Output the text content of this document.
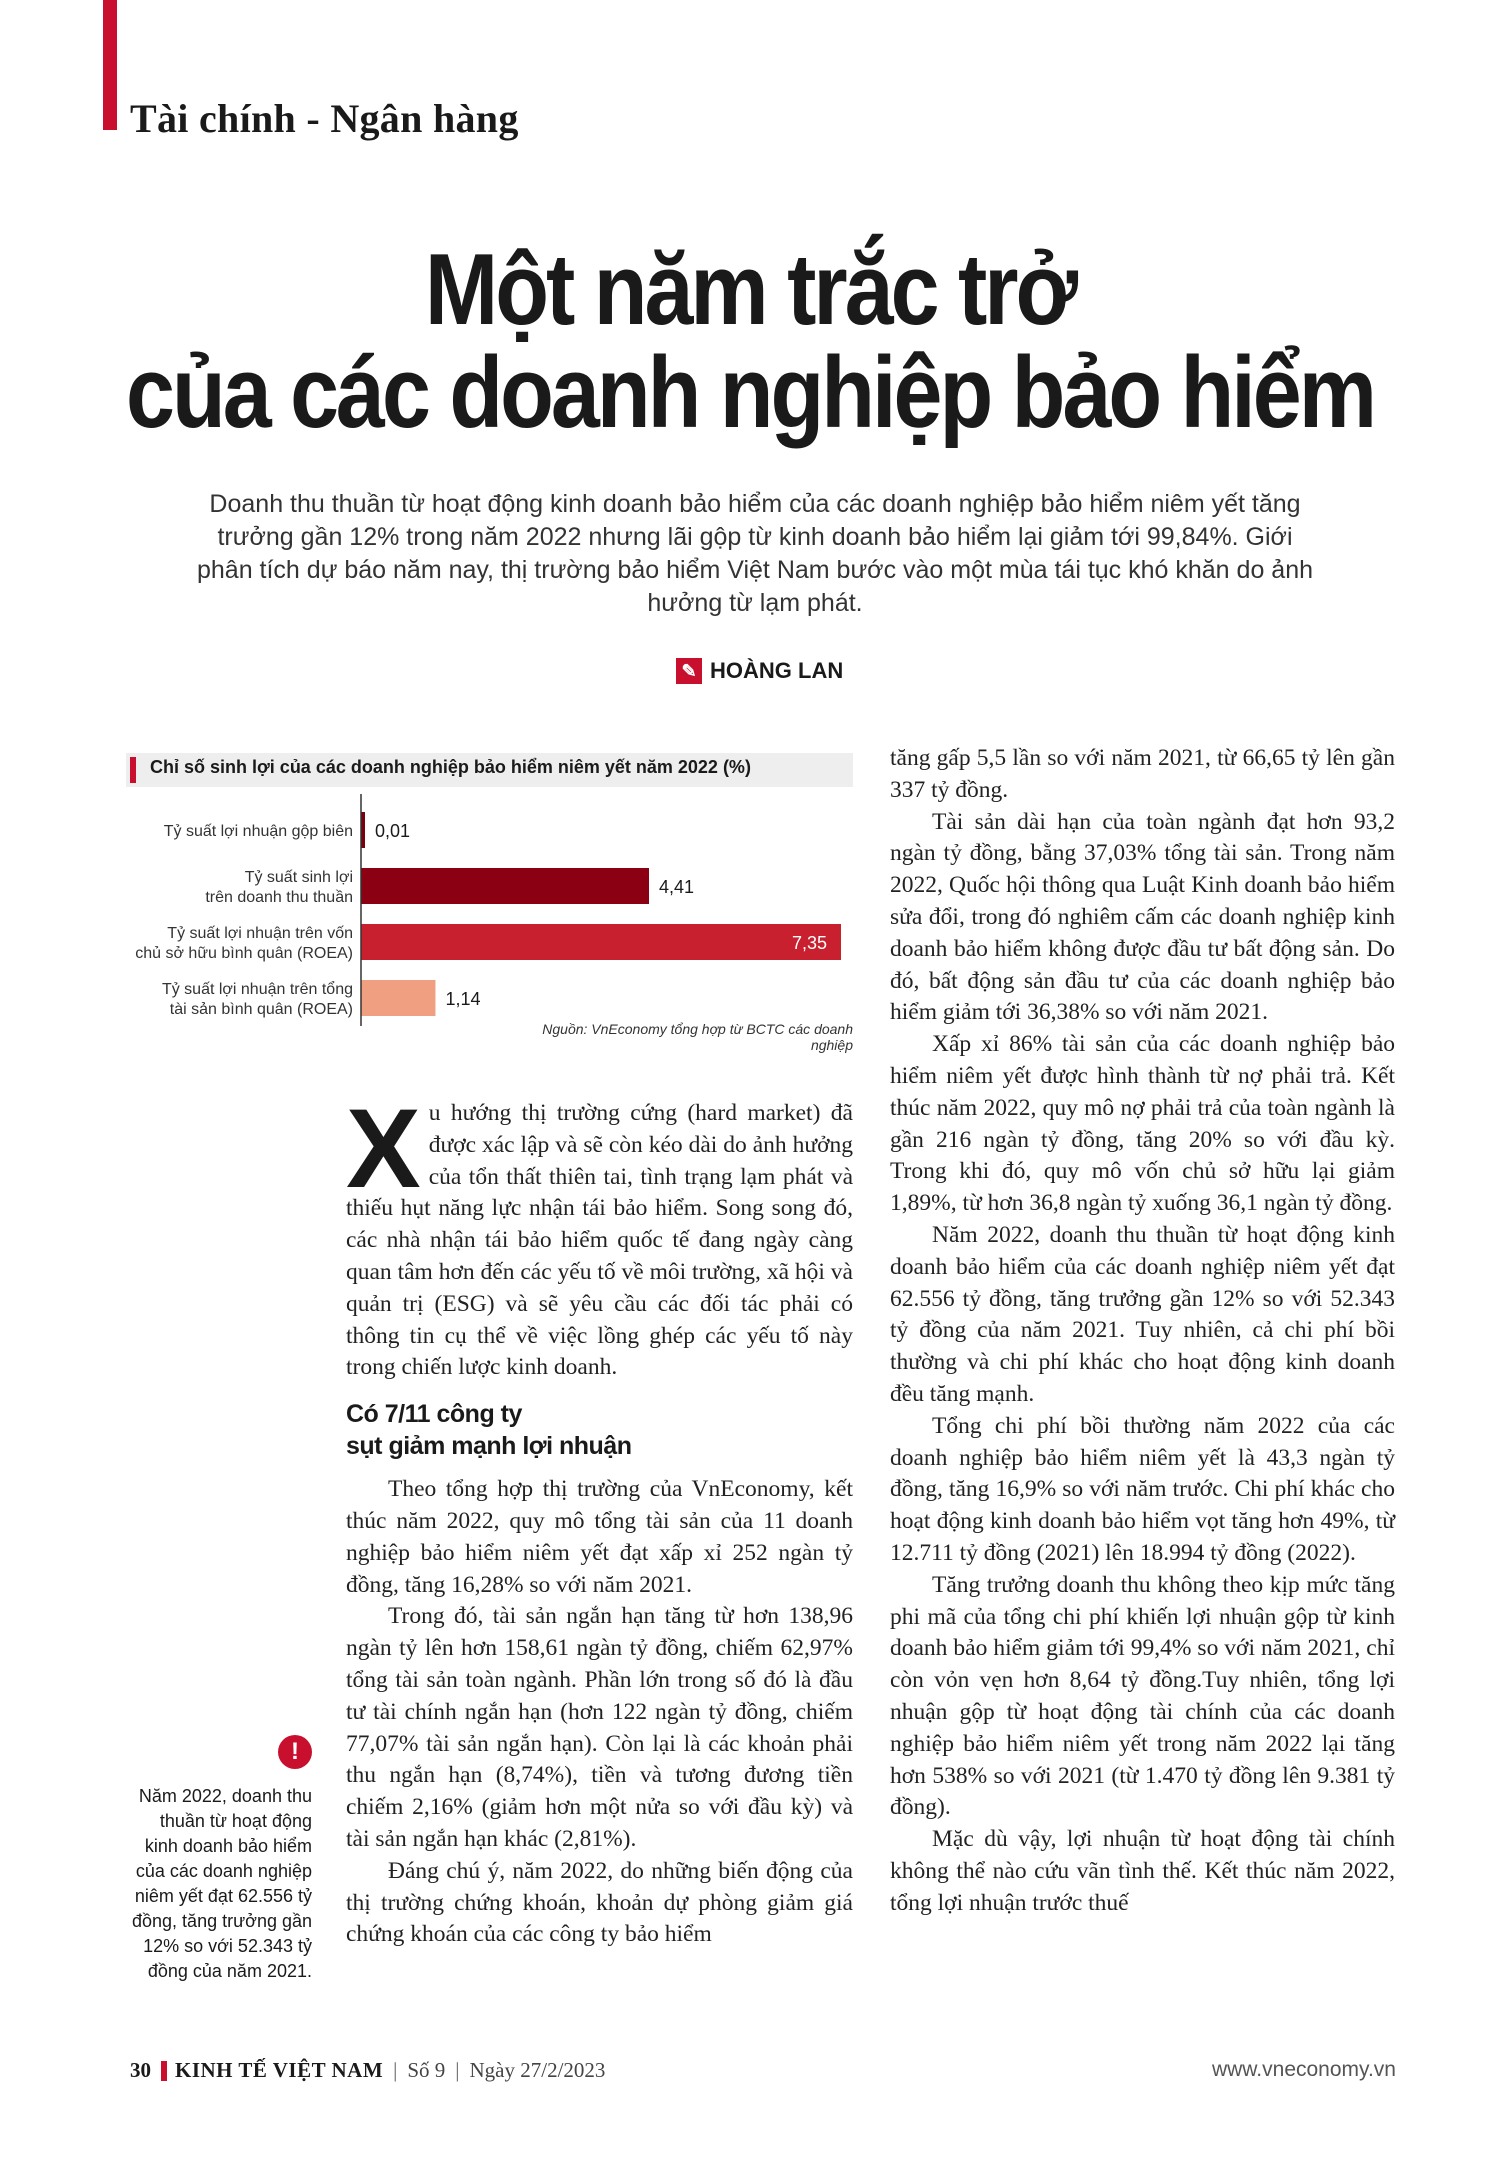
Tài chính - Ngân hàng
Một năm trắc trở
của các doanh nghiệp bảo hiểm
Doanh thu thuần từ hoạt động kinh doanh bảo hiểm của các doanh nghiệp bảo hiểm niêm yết tăng trưởng gần 12% trong năm 2022 nhưng lãi gộp từ kinh doanh bảo hiểm lại giảm tới 99,84%. Giới phân tích dự báo năm nay, thị trường bảo hiểm Việt Nam bước vào một mùa tái tục khó khăn do ảnh hưởng từ lạm phát.
✎ HOÀNG LAN
Chỉ số sinh lợi của các doanh nghiệp bảo hiểm niêm yết năm 2022 (%)
Tỷ suất lợi nhuận gộp biên 0,01
Tỷ suất sinh lợi
trên doanh thu thuần
4,41
Tỷ suất lợi nhuận trên vốn
chủ sở hữu bình quân (ROEA)
7,35
Tỷ suất lợi nhuận trên tổng
tài sản bình quân (ROEA)
1,14
Nguồn: VnEconomy tổng hợp từ BCTC các doanh nghiệp

Xu hướng thị trường cứng (hard market) đã được xác lập và sẽ còn kéo dài do ảnh hưởng của tổn thất thiên tai, tình trạng lạm phát và thiếu hụt năng lực nhận tái bảo hiểm. Song song đó, các nhà nhận tái bảo hiểm quốc tế đang ngày càng quan tâm hơn đến các yếu tố về môi trường, xã hội và quản trị (ESG) và sẽ yêu cầu các đối tác phải có thông tin cụ thể về việc lồng ghép các yếu tố này trong chiến lược kinh doanh.

Có 7/11 công ty
sụt giảm mạnh lợi nhuận

Theo tổng hợp thị trường của VnEconomy, kết thúc năm 2022, quy mô tổng tài sản của 11 doanh nghiệp bảo hiểm niêm yết đạt xấp xỉ 252 ngàn tỷ đồng, tăng 16,28% so với năm 2021.

Trong đó, tài sản ngắn hạn tăng từ hơn 138,96 ngàn tỷ lên hơn 158,61 ngàn tỷ đồng, chiếm 62,97% tổng tài sản toàn ngành. Phần lớn trong số đó là đầu tư tài chính ngắn hạn (hơn 122 ngàn tỷ đồng, chiếm 77,07% tài sản ngắn hạn). Còn lại là các khoản phải thu ngắn hạn (8,74%), tiền và tương đương tiền chiếm 2,16% (giảm hơn một nửa so với đầu kỳ) và tài sản ngắn hạn khác (2,81%).

Đáng chú ý, năm 2022, do những biến động của thị trường chứng khoán, khoản dự phòng giảm giá chứng khoán của các công ty bảo hiểm

tăng gấp 5,5 lần so với năm 2021, từ 66,65 tỷ lên gần 337 tỷ đồng.

Tài sản dài hạn của toàn ngành đạt hơn 93,2 ngàn tỷ đồng, bằng 37,03% tổng tài sản. Trong năm 2022, Quốc hội thông qua Luật Kinh doanh bảo hiểm sửa đổi, trong đó nghiêm cấm các doanh nghiệp kinh doanh bảo hiểm không được đầu tư bất động sản. Do đó, bất động sản đầu tư của các doanh nghiệp bảo hiểm giảm tới 36,38% so với năm 2021.

Xấp xỉ 86% tài sản của các doanh nghiệp bảo hiểm niêm yết được hình thành từ nợ phải trả. Kết thúc năm 2022, quy mô nợ phải trả của toàn ngành là gần 216 ngàn tỷ đồng, tăng 20% so với đầu kỳ. Trong khi đó, quy mô vốn chủ sở hữu lại giảm 1,89%, từ hơn 36,8 ngàn tỷ xuống 36,1 ngàn tỷ đồng.

Năm 2022, doanh thu thuần từ hoạt động kinh doanh bảo hiểm của các doanh nghiệp niêm yết đạt 62.556 tỷ đồng, tăng trưởng gần 12% so với 52.343 tỷ đồng của năm 2021. Tuy nhiên, cả chi phí bồi thường và chi phí khác cho hoạt động kinh doanh đều tăng mạnh.

Tổng chi phí bồi thường năm 2022 của các doanh nghiệp bảo hiểm niêm yết là 43,3 ngàn tỷ đồng, tăng 16,9% so với năm trước. Chi phí khác cho hoạt động kinh doanh bảo hiểm vọt tăng hơn 49%, từ 12.711 tỷ đồng (2021) lên 18.994 tỷ đồng (2022).

Tăng trưởng doanh thu không theo kịp mức tăng phi mã của tổng chi phí khiến lợi nhuận gộp từ kinh doanh bảo hiểm giảm tới 99,4% so với năm 2021, chỉ còn vỏn vẹn hơn 8,64 tỷ đồng.Tuy nhiên, tổng lợi nhuận gộp từ hoạt động tài chính của các doanh nghiệp bảo hiểm niêm yết trong năm 2022 lại tăng hơn 538% so với 2021 (từ 1.470 tỷ đồng lên 9.381 tỷ đồng).

Mặc dù vậy, lợi nhuận từ hoạt động tài chính không thể nào cứu vãn tình thế. Kết thúc năm 2022, tổng lợi nhuận trước thuế

!
Năm 2022, doanh thu thuần từ hoạt động kinh doanh bảo hiểm của các doanh nghiệp niêm yết đạt 62.556 tỷ đồng, tăng trưởng gần 12% so với 52.343 tỷ đồng của năm 2021.
30 KINH TẾ VIỆT NAM | Số 9 | Ngày 27/2/2023	www.vneconomy.vn
